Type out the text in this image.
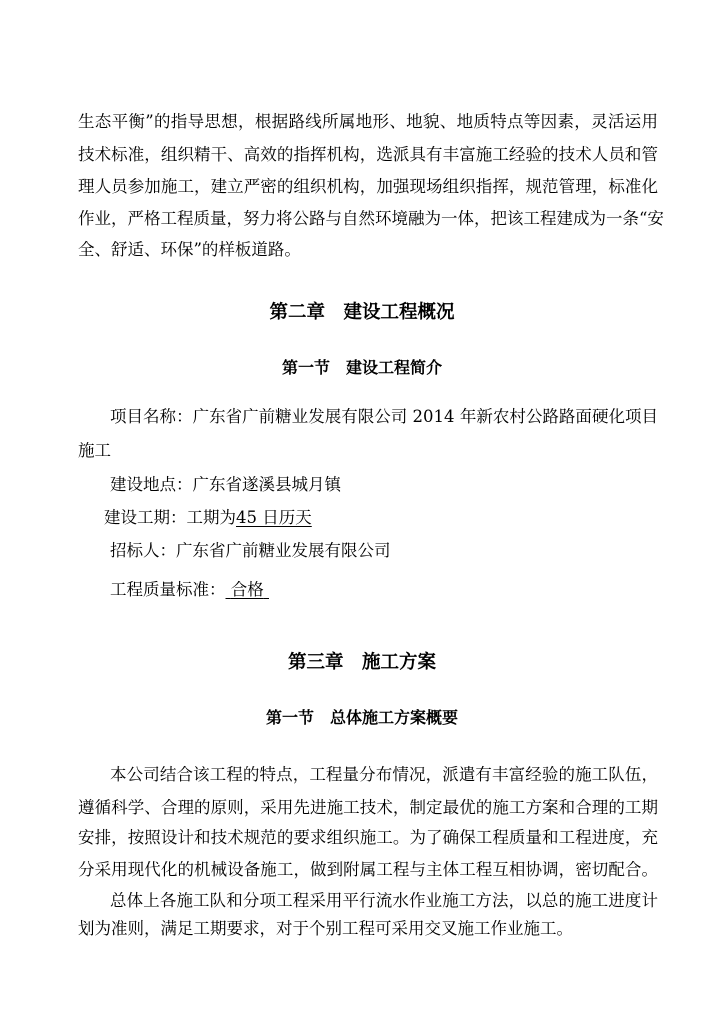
生态平衡”的指导思想，根据路线所属地形、地貌、地质特点等因素，灵活运用
技术标准，组织精干、高效的指挥机构，选派具有丰富施工经验的技术人员和管
理人员参加施工，建立严密的组织机构，加强现场组织指挥，规范管理，标准化
作业，严格工程质量，努力将公路与自然环境融为一体，把该工程建成为一条“安
全、舒适、环保”的样板道路。
第二章　建设工程概况
第一节　建设工程简介
项目名称：广东省广前糖业发展有限公司 2014 年新农村公路路面硬化项目
施工
建设地点：广东省遂溪县城月镇
建设工期：工期为45 日历天
招标人：广东省广前糖业发展有限公司
工程质量标准： 合格
第三章　施工方案
第一节　总体施工方案概要
本公司结合该工程的特点，工程量分布情况，派遣有丰富经验的施工队伍，
遵循科学、合理的原则，采用先进施工技术，制定最优的施工方案和合理的工期
安排，按照设计和技术规范的要求组织施工。为了确保工程质量和工程进度，充
分采用现代化的机械设备施工，做到附属工程与主体工程互相协调，密切配合。
总体上各施工队和分项工程采用平行流水作业施工方法，以总的施工进度计
划为准则，满足工期要求，对于个别工程可采用交叉施工作业施工。
